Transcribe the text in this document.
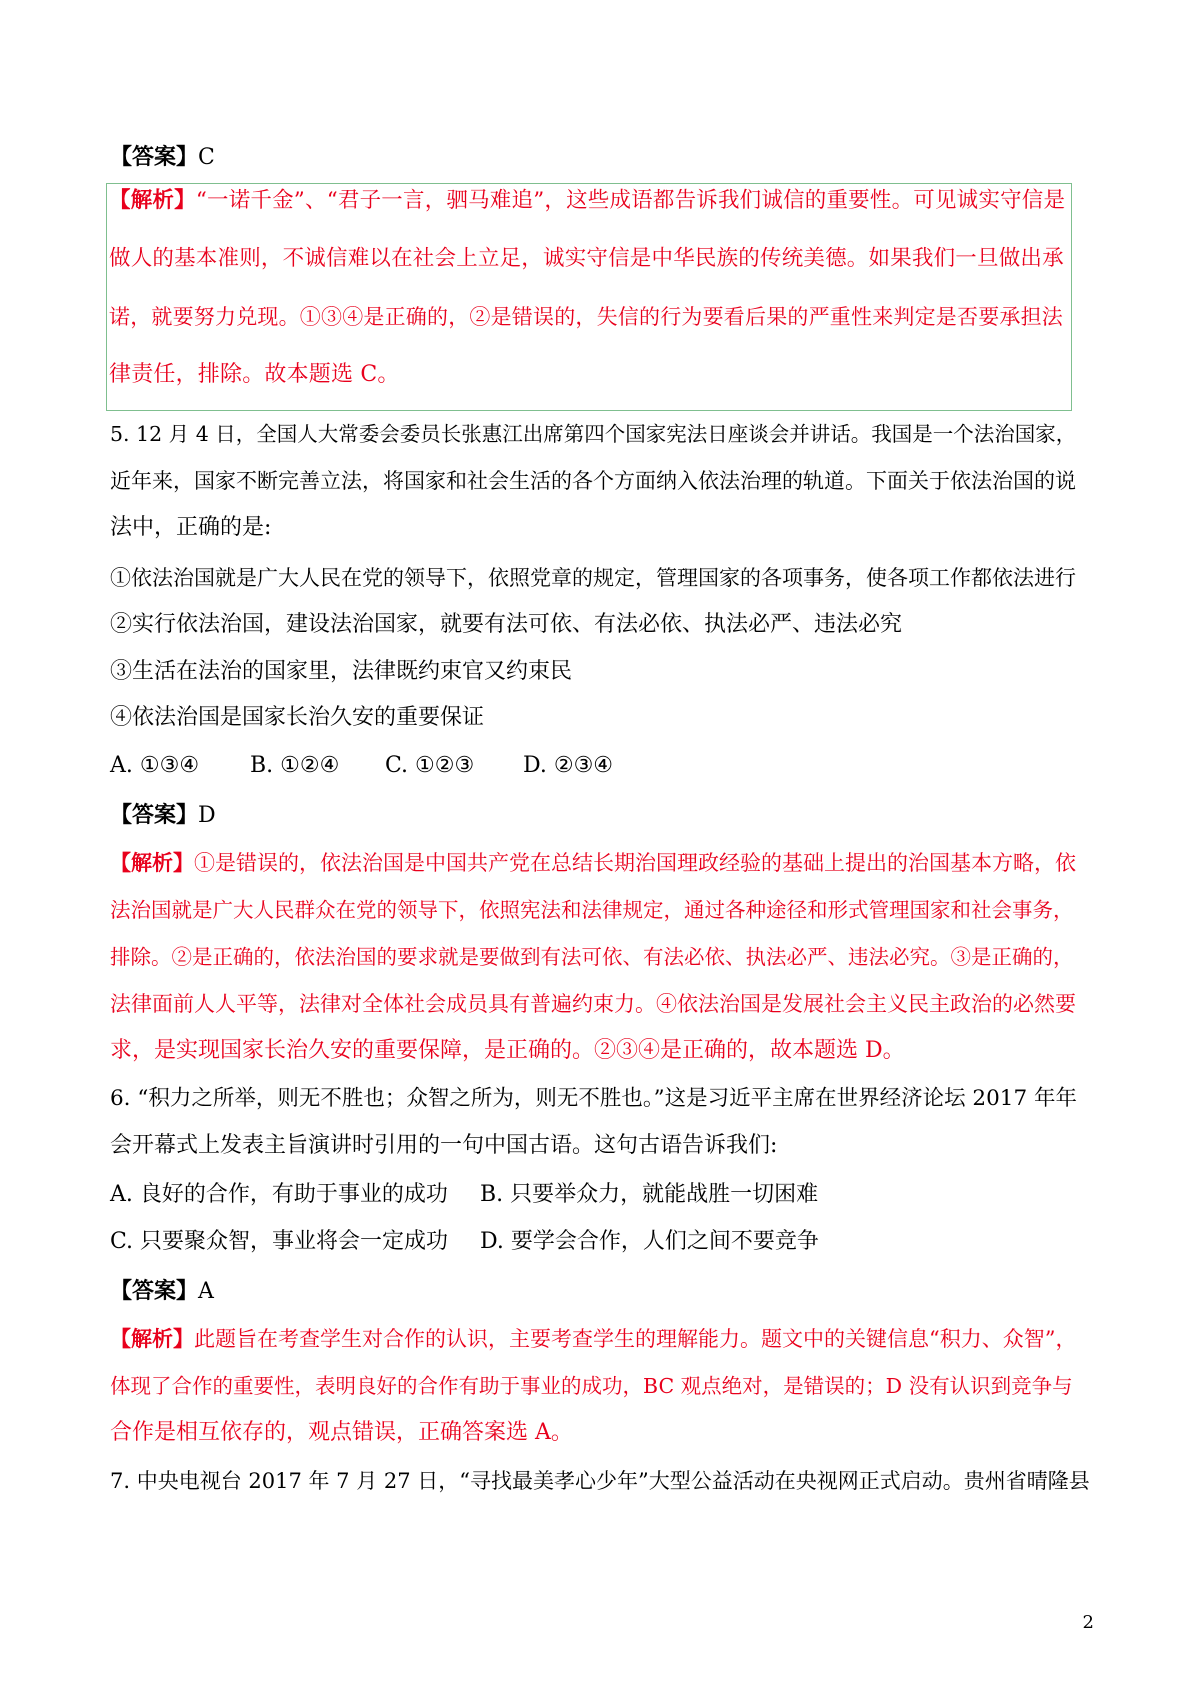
【答案】C
【解析】“一诺千金”、“君子一言，驷马难追”，这些成语都告诉我们诚信的重要性。可见诚实守信是
做人的基本准则，不诚信难以在社会上立足，诚实守信是中华民族的传统美德。如果我们一旦做出承
诺，就要努力兑现。①③④是正确的，②是错误的，失信的行为要看后果的严重性来判定是否要承担法
律责任，排除。故本题选 C。
5. 12 月 4 日，全国人大常委会委员长张惠江出席第四个国家宪法日座谈会并讲话。我国是一个法治国家，
近年来，国家不断完善立法，将国家和社会生活的各个方面纳入依法治理的轨道。下面关于依法治国的说
法中，正确的是:
①依法治国就是广大人民在党的领导下，依照党章的规定，管理国家的各项事务，使各项工作都依法进行
②实行依法治国，建设法治国家，就要有法可依、有法必依、执法必严、违法必究
③生活在法治的国家里，法律既约束官又约束民
④依法治国是国家长治久安的重要保证
A. ①③④ B. ①②④ C. ①②③ D. ②③④
【答案】D
【解析】①是错误的，依法治国是中国共产党在总结长期治国理政经验的基础上提出的治国基本方略，依
法治国就是广大人民群众在党的领导下，依照宪法和法律规定，通过各种途径和形式管理国家和社会事务，
排除。②是正确的，依法治国的要求就是要做到有法可依、有法必依、执法必严、违法必究。③是正确的，
法律面前人人平等，法律对全体社会成员具有普遍约束力。④依法治国是发展社会主义民主政治的必然要
求，是实现国家长治久安的重要保障，是正确的。②③④是正确的，故本题选 D。
6. “积力之所举，则无不胜也；众智之所为，则无不胜也。”这是习近平主席在世界经济论坛 2017 年年
会开幕式上发表主旨演讲时引用的一句中国古语。这句古语告诉我们:
A. 良好的合作，有助于事业的成功 B. 只要举众力，就能战胜一切困难
C. 只要聚众智，事业将会一定成功 D. 要学会合作，人们之间不要竞争
【答案】A
【解析】此题旨在考查学生对合作的认识，主要考查学生的理解能力。题文中的关键信息“积力、众智”，
体现了合作的重要性，表明良好的合作有助于事业的成功，BC 观点绝对，是错误的；D 没有认识到竞争与
合作是相互依存的，观点错误，正确答案选 A。
7. 中央电视台 2017 年 7 月 27 日，“寻找最美孝心少年”大型公益活动在央视网正式启动。贵州省晴隆县
2
